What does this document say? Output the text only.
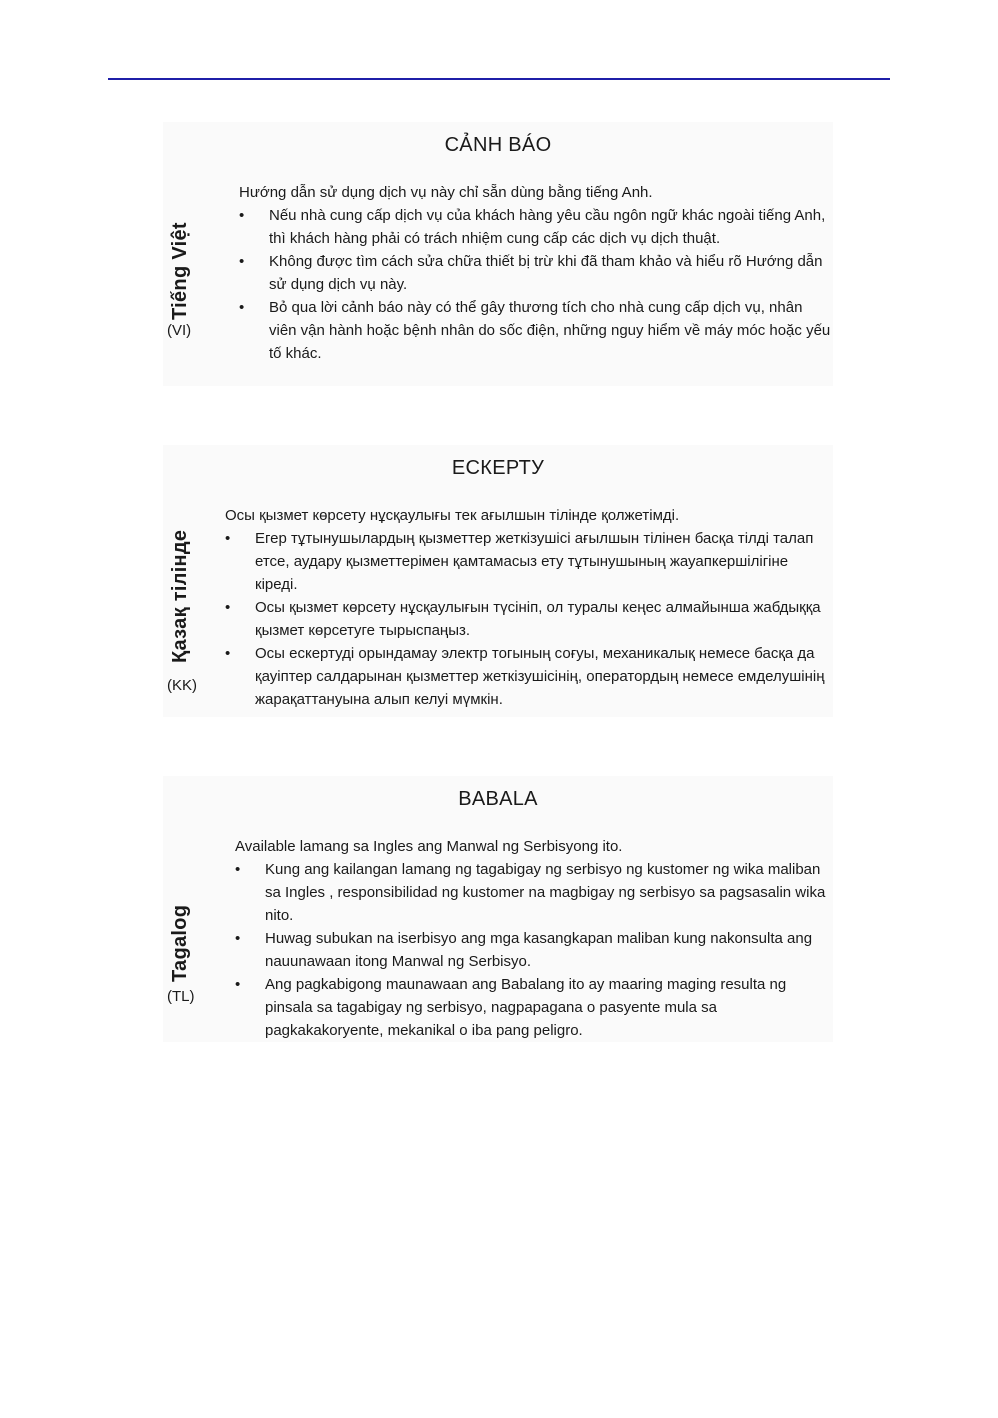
Tiếng Việt
(VI)
CẢNH BÁO

Hướng dẫn sử dụng dịch vụ này chỉ sẵn dùng bằng tiếng Anh.

•	Nếu nhà cung cấp dịch vụ của khách hàng yêu cầu ngôn ngữ khác ngoài tiếng Anh, thì khách hàng phải có trách nhiệm cung cấp các dịch vụ dịch thuật.
•	Không được tìm cách sửa chữa thiết bị trừ khi đã tham khảo và hiểu rõ Hướng dẫn sử dụng dịch vụ này.
•	Bỏ qua lời cảnh báo này có thể gây thương tích cho nhà cung cấp dịch vụ, nhân viên vận hành hoặc bệnh nhân do sốc điện, những nguy hiểm về máy móc hoặc yếu tố khác.
Қазақ тілінде
(KK)
ЕСКЕРТУ

Осы қызмет көрсету нұсқаулығы тек ағылшын тілінде қолжетімді.

•	Егер тұтынушылардың қызметтер жеткізушісі ағылшын тілінен басқа тілді талап етсе, аудару қызметтерімен қамтамасыз ету тұтынушының жауапкершілігіне кіреді.
•	Осы қызмет көрсету нұсқаулығын түсініп, ол туралы кеңес алмайынша жабдыққа қызмет көрсетуге тырыспаңыз.
•	Осы ескертуді орындамау электр тогының соғуы, механикалық немесе басқа да қауіптер салдарынан қызметтер жеткізушісінің, оператордың немесе емделушінің жарақаттануына алып келуі мүмкін.
Tagalog
(TL)
BABALA

Available lamang sa Ingles ang Manwal ng Serbisyong ito.

•	Kung ang kailangan lamang ng tagabigay ng serbisyo ng kustomer ng wika maliban sa Ingles , responsibilidad ng kustomer na magbigay ng serbisyo sa pagsasalin wika nito.
•	Huwag subukan na iserbisyo ang mga kasangkapan maliban kung nakonsulta ang nauunawaan itong Manwal ng Serbisyo.
•	Ang pagkabigong maunawaan ang Babalang ito ay maaring maging resulta ng pinsala sa tagabigay ng serbisyo, nagpapagana o pasyente mula sa pagkakakoryente, mekanikal o iba pang peligro.
